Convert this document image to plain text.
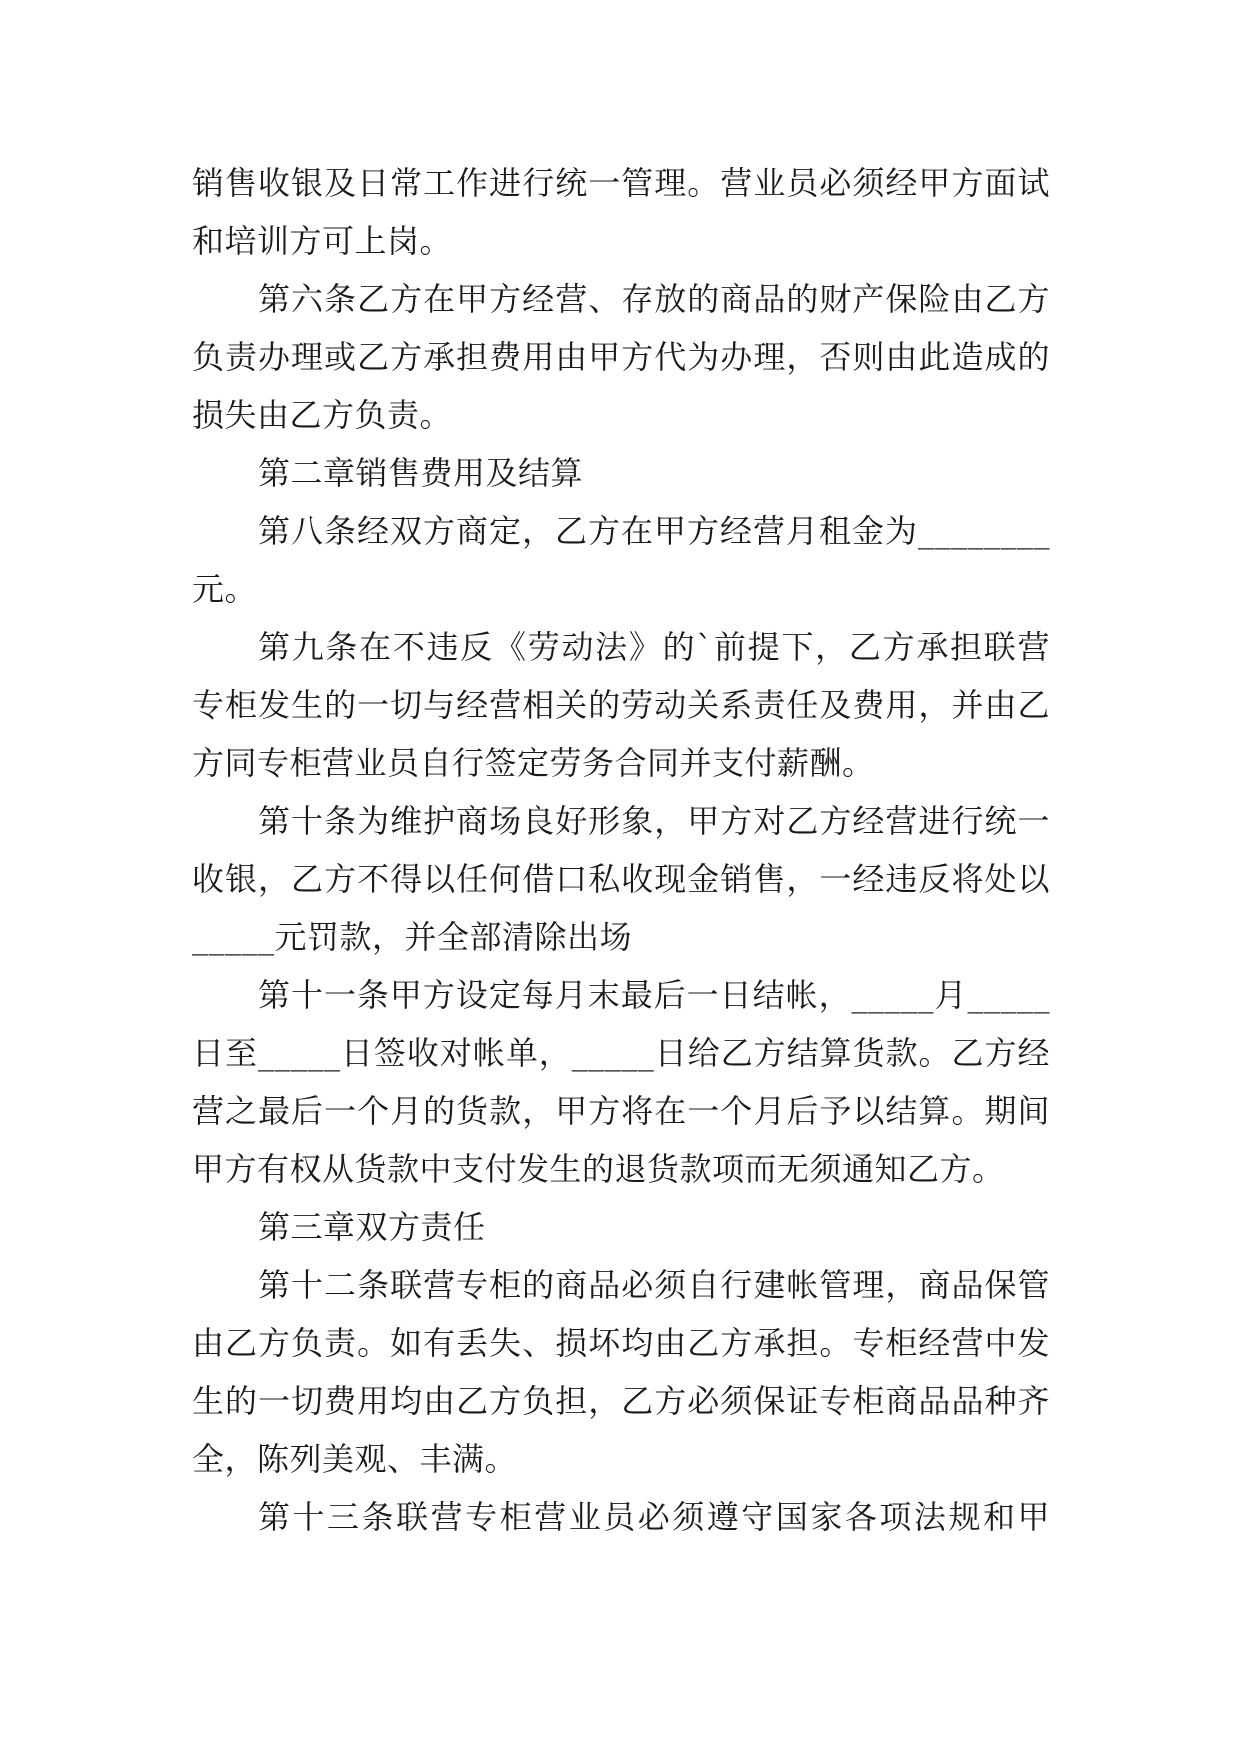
销售收银及日常工作进行统一管理。营业员必须经甲方面试
和培训方可上岗。
第六条乙方在甲方经营、存放的商品的财产保险由乙方
负责办理或乙方承担费用由甲方代为办理，否则由此造成的
损失由乙方负责。
第二章销售费用及结算
第八条经双方商定，乙方在甲方经营月租金为________
元。
第九条在不违反《劳动法》的`前提下，乙方承担联营
专柜发生的一切与经营相关的劳动关系责任及费用，并由乙
方同专柜营业员自行签定劳务合同并支付薪酬。
第十条为维护商场良好形象，甲方对乙方经营进行统一
收银，乙方不得以任何借口私收现金销售，一经违反将处以
_____元罚款，并全部清除出场
第十一条甲方设定每月末最后一日结帐，_____月_____
日至_____日签收对帐单，_____日给乙方结算货款。乙方经
营之最后一个月的货款，甲方将在一个月后予以结算。期间
甲方有权从货款中支付发生的退货款项而无须通知乙方。
第三章双方责任
第十二条联营专柜的商品必须自行建帐管理，商品保管
由乙方负责。如有丢失、损坏均由乙方承担。专柜经营中发
生的一切费用均由乙方负担，乙方必须保证专柜商品品种齐
全，陈列美观、丰满。
第十三条联营专柜营业员必须遵守国家各项法规和甲
